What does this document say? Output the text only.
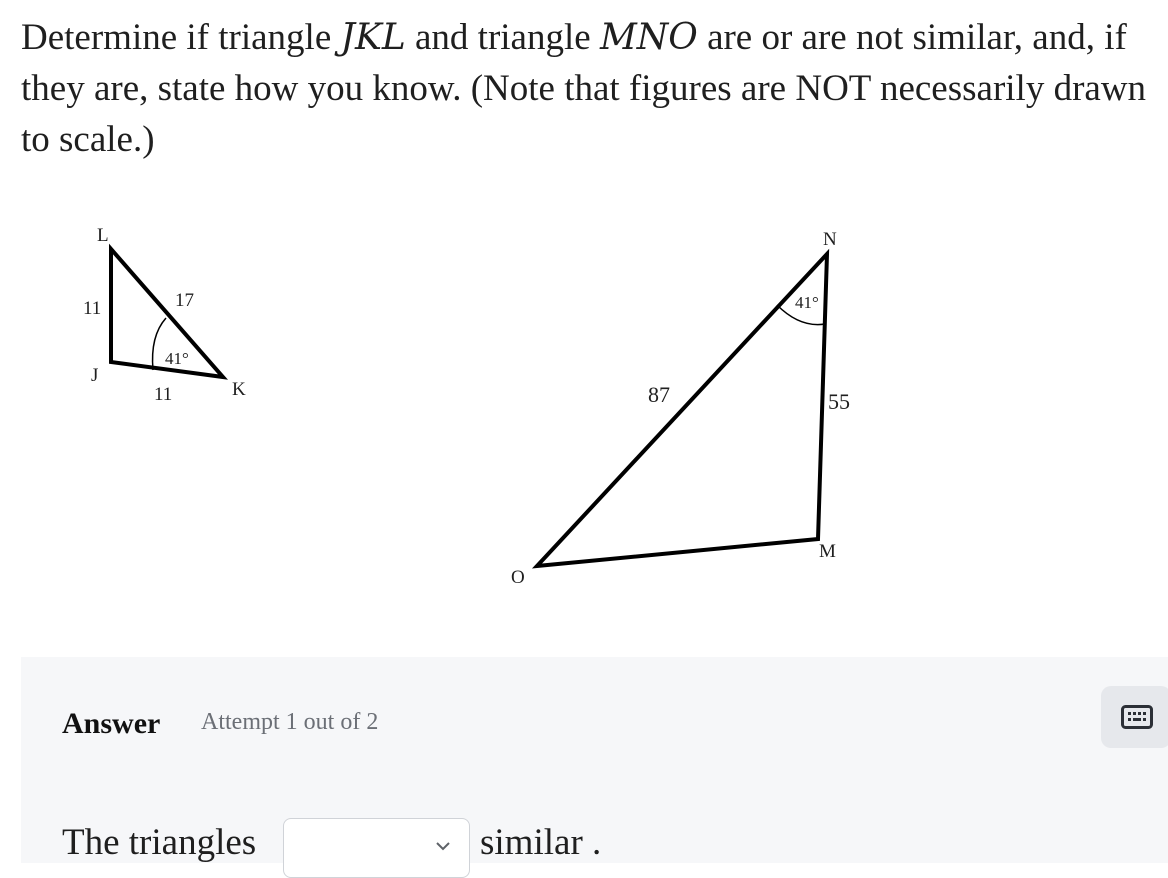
Determine if triangle JKL and triangle MNO are or are not similar, and, if they are, state how you know. (Note that figures are NOT necessarily drawn to scale.)
L
J
K
11	17
11
41°
N
M
O
87	55
41°
Answer Attempt 1 out of 2
The triangles	similar .
